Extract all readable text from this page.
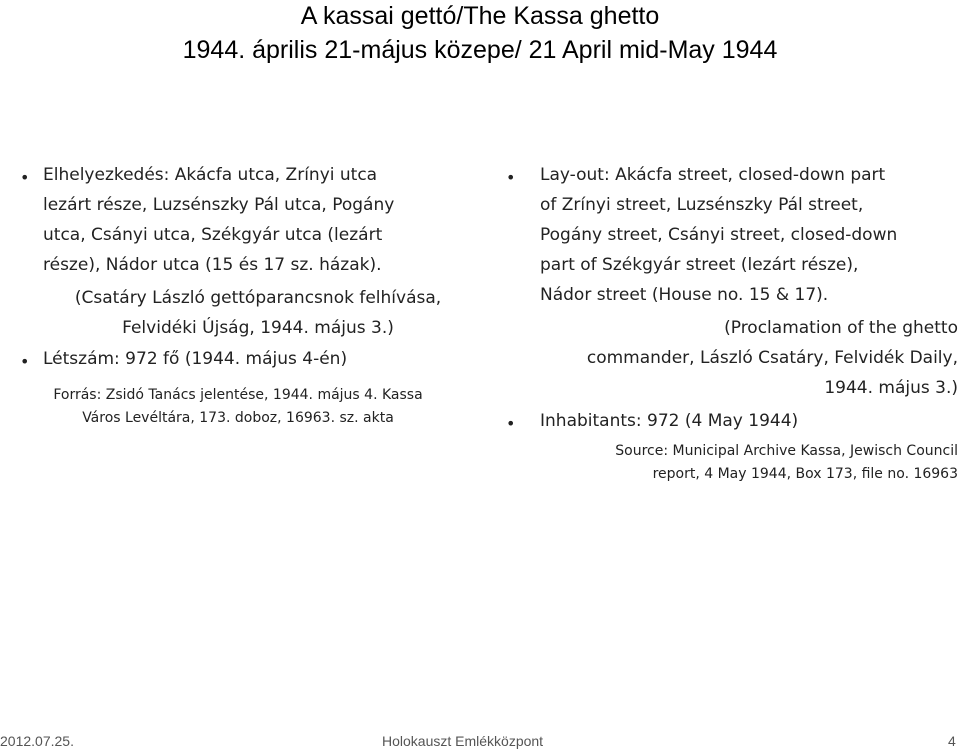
A kassai gettó/The Kassa ghetto
1944. április 21-május közepe/ 21 April mid-May 1944
• Elhelyezkedés: Akácfa utca, Zrínyi utca
lezárt része, Luzsénszky Pál utca, Pogány
utca, Csányi utca, Székgyár utca (lezárt
része), Nádor utca (15 és 17 sz. házak).

(Csatáry László gettóparancsnok felhívása,
Felvidéki Újság, 1944. május 3.)

• Létszám: 972 fő (1944. május 4-én)

Forrás: Zsidó Tanács jelentése, 1944. május 4. Kassa
Város Levéltára, 173. doboz, 16963. sz. akta

• Lay-out: Akácfa street, closed-down part
of Zrínyi street, Luzsénszky Pál street,
Pogány street, Csányi street, closed-down
part of Székgyár street (lezárt része),
Nádor street (House no. 15 & 17).

(Proclamation of the ghetto
commander, László Csatáry, Felvidék Daily,
1944. május 3.)

• Inhabitants: 972 (4 May 1944)

Source: Municipal Archive Kassa, Jewisch Council
report, 4 May 1944, Box 173, file no. 16963

2012.07.25.	Holokauszt Emlékközpont	4
